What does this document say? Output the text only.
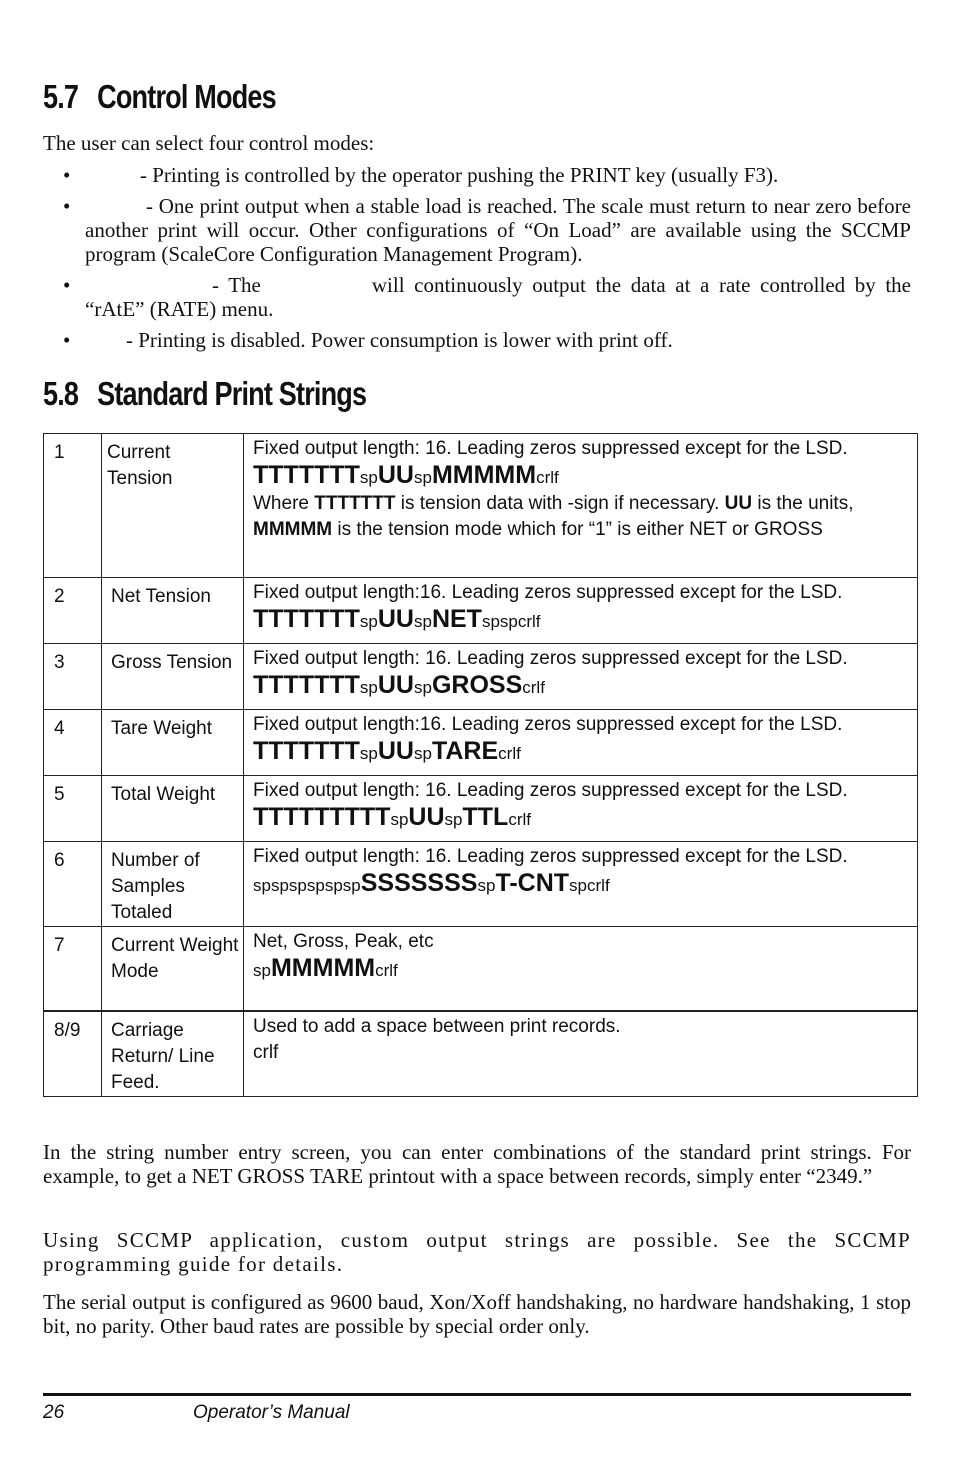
5.7 Control Modes

The user can select four control modes:

•	- Printing is controlled by the operator pushing the PRINT key (usually F3).
•	- One print output when a stable load is reached. The scale must return to near zero before another print will occur. Other configurations of “On Load” are available using the SCCMP program (ScaleCore Configuration Management Program).
•	- The	will continuously output the data at a rate controlled by the “rAtE” (RATE) menu.
•	- Printing is disabled. Power consumption is lower with print off.
5.8 Standard Print Strings
1	Current Tension	Fixed output length: 16. Leading zeros suppressed except for the LSD.
TTTTTTTspUUspMMMMMcrlf
Where TTTTTTT is tension data with -sign if necessary. UU is the units, MMMMM is the tension mode which for “1” is either NET or GROSS

2	Net Tension	Fixed output length:16. Leading zeros suppressed except for the LSD.
TTTTTTTspUUspNETspspcrlf

3	Gross Tension	Fixed output length: 16. Leading zeros suppressed except for the LSD.
TTTTTTTspUUspGROSScrlf

4	Tare Weight	Fixed output length:16. Leading zeros suppressed except for the LSD.
TTTTTTTspUUspTAREcrlf

5	Total Weight	Fixed output length: 16. Leading zeros suppressed except for the LSD.
TTTTTTTTTspUUspTTLcrlf

6	Number of Samples Totaled	Fixed output length: 16. Leading zeros suppressed except for the LSD.
spspspspspspSSSSSSSspT-CNTspcrlf

7	Current Weight Mode	Net, Gross, Peak, etc
spMMMMMcrlf

8/9	Carriage Return/ Line Feed.	Used to add a space between print records.
crlf

In the string number entry screen, you can enter combinations of the standard print strings. For example, to get a NET GROSS TARE printout with a space between records, simply enter “2349.”

Using SCCMP application, custom output strings are possible. See the SCCMP programming guide for details.

The serial output is configured as 9600 baud, Xon/Xoff handshaking, no hardware handshaking, 1 stop bit, no parity. Other baud rates are possible by special order only.

26	Operator’s Manual
